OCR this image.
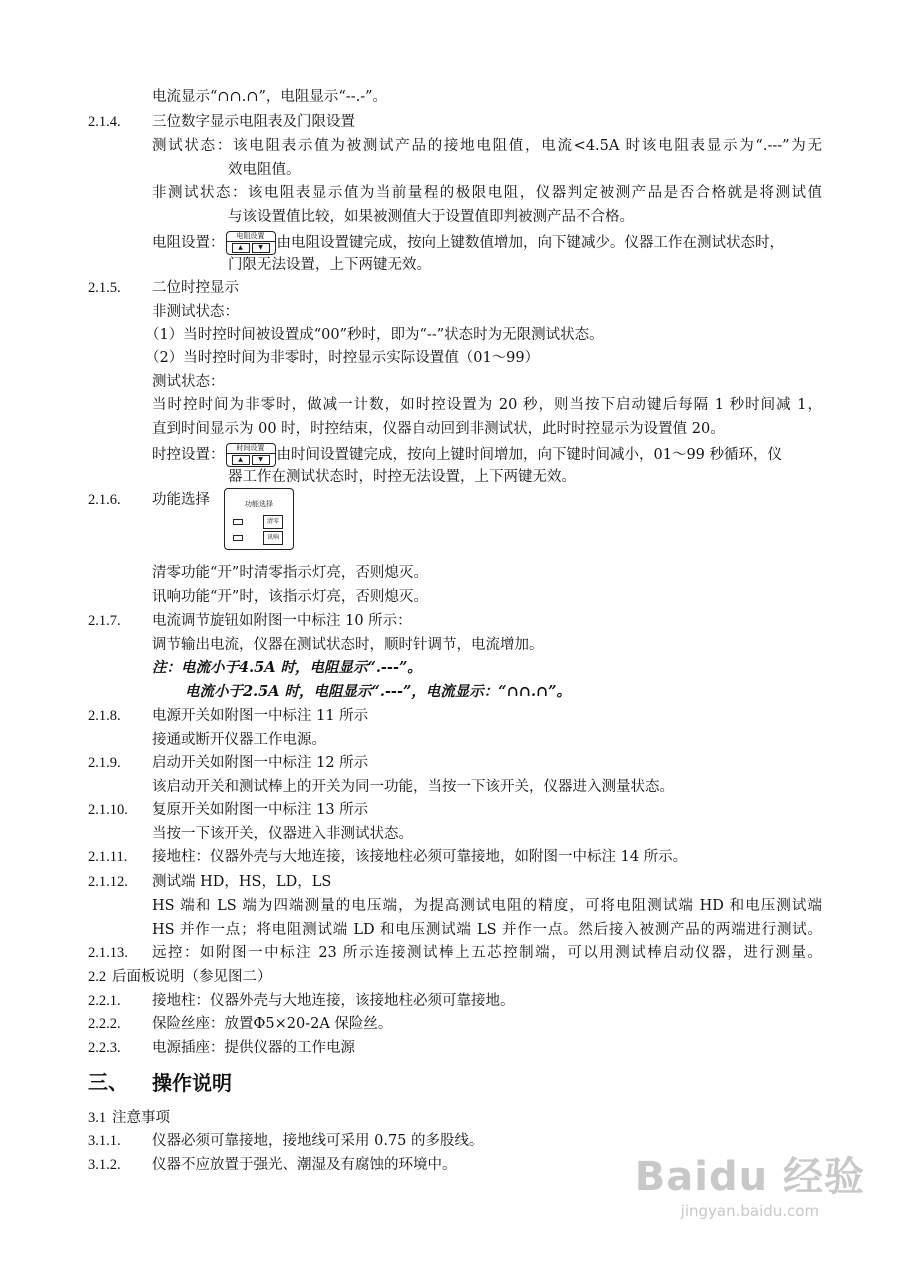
功能选择
清零
讯响
Baidu 经验
jingyan.baidu.com
电流显示“∩∩.∩”，电阻显示“--.-”。
2.1.4. 三位数字显示电阻表及门限设置
测试状态：该电阻表示值为被测试产品的接地电阻值，电流<4.5A 时该电阻表显示为“.---”为无
效电阻值。
非测试状态：该电阻表显示值为当前量程的极限电阻，仪器判定被测产品是否合格就是将测试值
与该设置值比较，如果被测值大于设置值即判被测产品不合格。
电阻设置：	电阻设置
▲	▼ 由电阻设置键完成，按向上键数值增加，向下键减少。仪器工作在测试状态时，
门限无法设置，上下两键无效。
2.1.5. 二位时控显示
非测试状态：
（1）当时控时间被设置成“00”秒时，即为“--”状态时为无限测试状态。
（2）当时控时间为非零时，时控显示实际设置值（01～99）
测试状态：
当时控时间为非零时，做减一计数，如时控设置为 20 秒，则当按下启动键后每隔 1 秒时间减 1，
直到时间显示为 00 时，时控结束，仪器自动回到非测试状，此时时控显示为设置值 20。
时控设置：	时间设置
▲	▼ 由时间设置键完成，按向上键时间增加，向下键时间减小，01～99 秒循环，仪
器工作在测试状态时，时控无法设置，上下两键无效。
2.1.6. 功能选择
清零功能“开”时清零指示灯亮，否则熄灭。
讯响功能“开”时，该指示灯亮，否则熄灭。
2.1.7. 电流调节旋钮如附图一中标注 10 所示：
调节输出电流，仪器在测试状态时，顺时针调节，电流增加。
注：电流小于4.5A 时，电阻显示“.---”。
电流小于2.5A 时，电阻显示“.---”，电流显示：“∩∩.∩”。
2.1.8. 电源开关如附图一中标注 11 所示
接通或断开仪器工作电源。
2.1.9. 启动开关如附图一中标注 12 所示
该启动开关和测试棒上的开关为同一功能，当按一下该开关，仪器进入测量状态。
2.1.10. 复原开关如附图一中标注 13 所示
当按一下该开关，仪器进入非测试状态。
2.1.11. 接地柱：仪器外壳与大地连接，该接地柱必须可靠接地，如附图一中标注 14 所示。
2.1.12. 测试端 HD，HS，LD，LS
HS 端和 LS 端为四端测量的电压端，为提高测试电阻的精度，可将电阻测试端 HD 和电压测试端
HS 并作一点；将电阻测试端 LD 和电压测试端 LS 并作一点。然后接入被测产品的两端进行测试。
2.1.13. 远控：如附图一中标注 23 所示连接测试棒上五芯控制端，可以用测试棒启动仪器，进行测量。
2.2 后面板说明（参见图二）
2.2.1. 接地柱：仪器外壳与大地连接，该接地柱必须可靠接地。
2.2.2. 保险丝座：放置Φ5×20-2A 保险丝。
2.2.3. 电源插座：提供仪器的工作电源
三、 操作说明
3.1 注意事项
3.1.1. 仪器必须可靠接地，接地线可采用 0.75 的多股线。
3.1.2. 仪器不应放置于强光、潮湿及有腐蚀的环境中。
